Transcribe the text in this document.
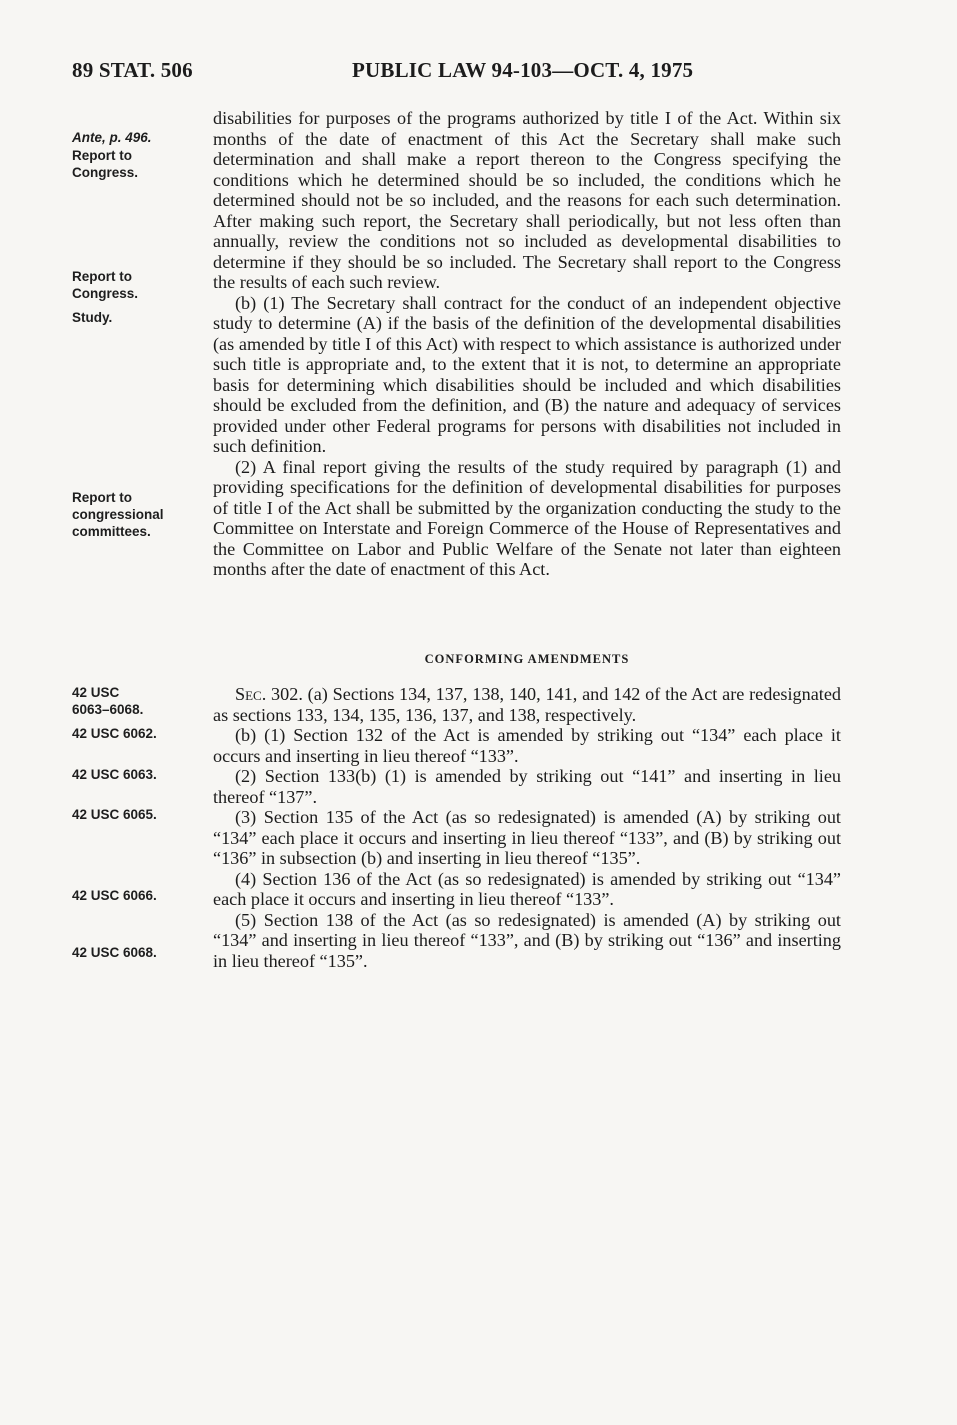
89 STAT. 506	PUBLIC LAW 94-103—OCT. 4, 1975
Ante, p. 496.
Report to Congress.
Report to Congress.
Study.
Report to congressional committees.
42 USC
6063–6068.
42 USC 6062.
42 USC 6063.
42 USC 6065.
42 USC 6066.
42 USC 6068.

disabilities for purposes of the programs authorized by title I of the Act. Within six months of the date of enactment of this Act the Secretary shall make such determination and shall make a report thereon to the Congress specifying the conditions which he determined should be so included, the conditions which he determined should not be so included, and the reasons for each such determination. After making such report, the Secretary shall periodically, but not less often than annually, review the conditions not so included as developmental disabilities to determine if they should be so included. The Secretary shall report to the Congress the results of each such review.

(b) (1) The Secretary shall contract for the conduct of an independent objective study to determine (A) if the basis of the definition of the developmental disabilities (as amended by title I of this Act) with respect to which assistance is authorized under such title is appropriate and, to the extent that it is not, to determine an appropriate basis for determining which disabilities should be included and which disabilities should be excluded from the definition, and (B) the nature and adequacy of services provided under other Federal programs for persons with disabilities not included in such definition.

(2) A final report giving the results of the study required by paragraph (1) and providing specifications for the definition of developmental disabilities for purposes of title I of the Act shall be submitted by the organization conducting the study to the Committee on Interstate and Foreign Commerce of the House of Representatives and the Committee on Labor and Public Welfare of the Senate not later than eighteen months after the date of enactment of this Act.

CONFORMING AMENDMENTS

Sec. 302. (a) Sections 134, 137, 138, 140, 141, and 142 of the Act are redesignated as sections 133, 134, 135, 136, 137, and 138, respectively.

(b) (1) Section 132 of the Act is amended by striking out “134” each place it occurs and inserting in lieu thereof “133”.

(2) Section 133(b) (1) is amended by striking out “141” and inserting in lieu thereof “137”.

(3) Section 135 of the Act (as so redesignated) is amended (A) by striking out “134” each place it occurs and inserting in lieu thereof “133”, and (B) by striking out “136” in subsection (b) and inserting in lieu thereof “135”.

(4) Section 136 of the Act (as so redesignated) is amended by striking out “134” each place it occurs and inserting in lieu thereof “133”.

(5) Section 138 of the Act (as so redesignated) is amended (A) by striking out “134” and inserting in lieu thereof “133”, and (B) by striking out “136” and inserting in lieu thereof “135”.
